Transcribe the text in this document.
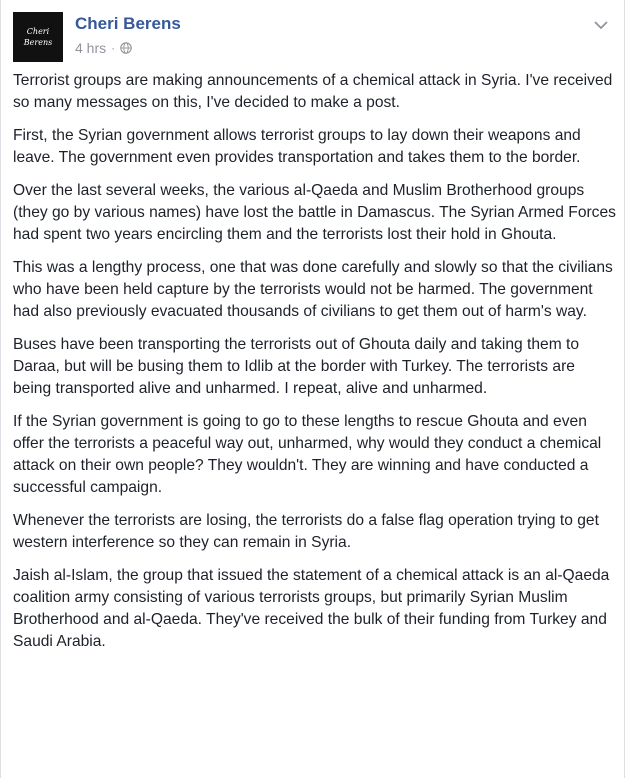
Cheri
Berens
Cheri Berens
4 hrs ·

Terrorist groups are making announcements of a chemical attack in Syria. I've received so many messages on this, I've decided to make a post.

First, the Syrian government allows terrorist groups to lay down their weapons and leave. The government even provides transportation and takes them to the border.

Over the last several weeks, the various al-Qaeda and Muslim Brotherhood groups (they go by various names) have lost the battle in Damascus. The Syrian Armed Forces had spent two years encircling them and the terrorists lost their hold in Ghouta.

This was a lengthy process, one that was done carefully and slowly so that the civilians who have been held capture by the terrorists would not be harmed. The government had also previously evacuated thousands of civilians to get them out of harm's way.

Buses have been transporting the terrorists out of Ghouta daily and taking them to Daraa, but will be busing them to Idlib at the border with Turkey. The terrorists are being transported alive and unharmed. I repeat, alive and unharmed.

If the Syrian government is going to go to these lengths to rescue Ghouta and even offer the terrorists a peaceful way out, unharmed, why would they conduct a chemical attack on their own people? They wouldn't. They are winning and have conducted a successful campaign.

Whenever the terrorists are losing, the terrorists do a false flag operation trying to get western interference so they can remain in Syria.

Jaish al-Islam, the group that issued the statement of a chemical attack is an al-Qaeda coalition army consisting of various terrorists groups, but primarily Syrian Muslim Brotherhood and al-Qaeda. They've received the bulk of their funding from Turkey and Saudi Arabia.
